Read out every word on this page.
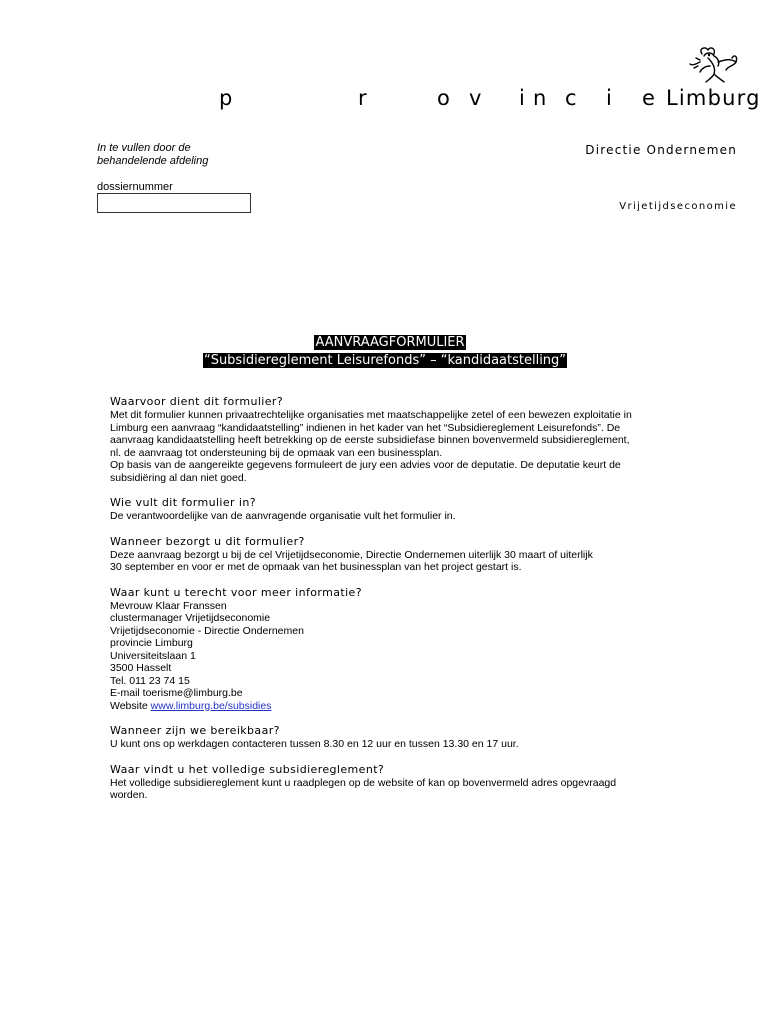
p	r	o v i n c i e Limburg
In te vullen door de behandelende afdeling
Directie Ondernemen
dossiernummer
Vrijetijdseconomie
AANVRAAGFORMULIER
“Subsidiereglement Leisurefonds” – “kandidaatstelling”

Waarvoor dient dit formulier?

Met dit formulier kunnen privaatrechtelijke organisaties met maatschappelijke zetel of een bewezen exploitatie in
Limburg een aanvraag “kandidaatstelling” indienen in het kader van het “Subsidiereglement Leisurefonds”. De
aanvraag kandidaatstelling heeft betrekking op de eerste subsidiefase binnen bovenvermeld subsidiereglement,
nl. de aanvraag tot ondersteuning bij de opmaak van een businessplan.
Op basis van de aangereikte gegevens formuleert de jury een advies voor de deputatie. De deputatie keurt de
subsidiëring al dan niet goed.

Wie vult dit formulier in?

De verantwoordelijke van de aanvragende organisatie vult het formulier in.

Wanneer bezorgt u dit formulier?

Deze aanvraag bezorgt u bij de cel Vrijetijdseconomie, Directie Ondernemen uiterlijk 30 maart of uiterlijk
30 september en voor er met de opmaak van het businessplan van het project gestart is.

Waar kunt u terecht voor meer informatie?

Mevrouw Klaar Franssen
clustermanager Vrijetijdseconomie
Vrijetijdseconomie - Directie Ondernemen
provincie Limburg
Universiteitslaan 1
3500 Hasselt
Tel. 011 23 74 15
E-mail toerisme@limburg.be
Website www.limburg.be/subsidies

Wanneer zijn we bereikbaar?

U kunt ons op werkdagen contacteren tussen 8.30 en 12 uur en tussen 13.30 en 17 uur.

Waar vindt u het volledige subsidiereglement?

Het volledige subsidiereglement kunt u raadplegen op de website of kan op bovenvermeld adres opgevraagd
worden.
